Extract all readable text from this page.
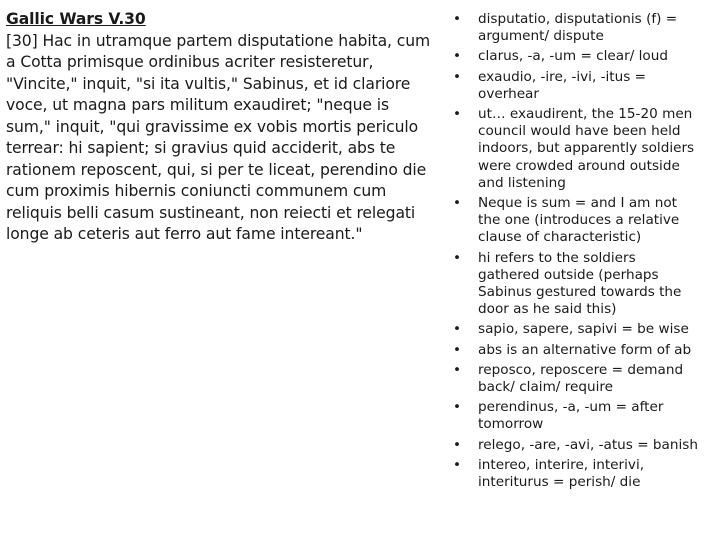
Gallic Wars V.30
[30] Hac in utramque partem disputatione habita, cum
a Cotta primisque ordinibus acriter resisteretur,
"Vincite," inquit, "si ita vultis," Sabinus, et id clariore
voce, ut magna pars militum exaudiret; "neque is
sum," inquit, "qui gravissime ex vobis mortis periculo
terrear: hi sapient; si gravius quid acciderit, abs te
rationem reposcent, qui, si per te liceat, perendino die
cum proximis hibernis coniuncti communem cum
reliquis belli casum sustineant, non reiecti et relegati
longe ab ceteris aut ferro aut fame intereant."
• disputatio, disputationis (f) =
argument/ dispute
• clarus, -a, -um = clear/ loud
• exaudio, -ire, -ivi, -itus =
overhear
• ut… exaudirent, the 15-20 men
council would have been held
indoors, but apparently soldiers
were crowded around outside
and listening
• Neque is sum = and I am not
the one (introduces a relative
clause of characteristic)
• hi refers to the soldiers
gathered outside (perhaps
Sabinus gestured towards the
door as he said this)
• sapio, sapere, sapivi = be wise
• abs is an alternative form of ab
• reposco, reposcere = demand
back/ claim/ require
• perendinus, -a, -um = after
tomorrow
• relego, -are, -avi, -atus = banish
• intereo, interire, interivi,
interiturus = perish/ die
